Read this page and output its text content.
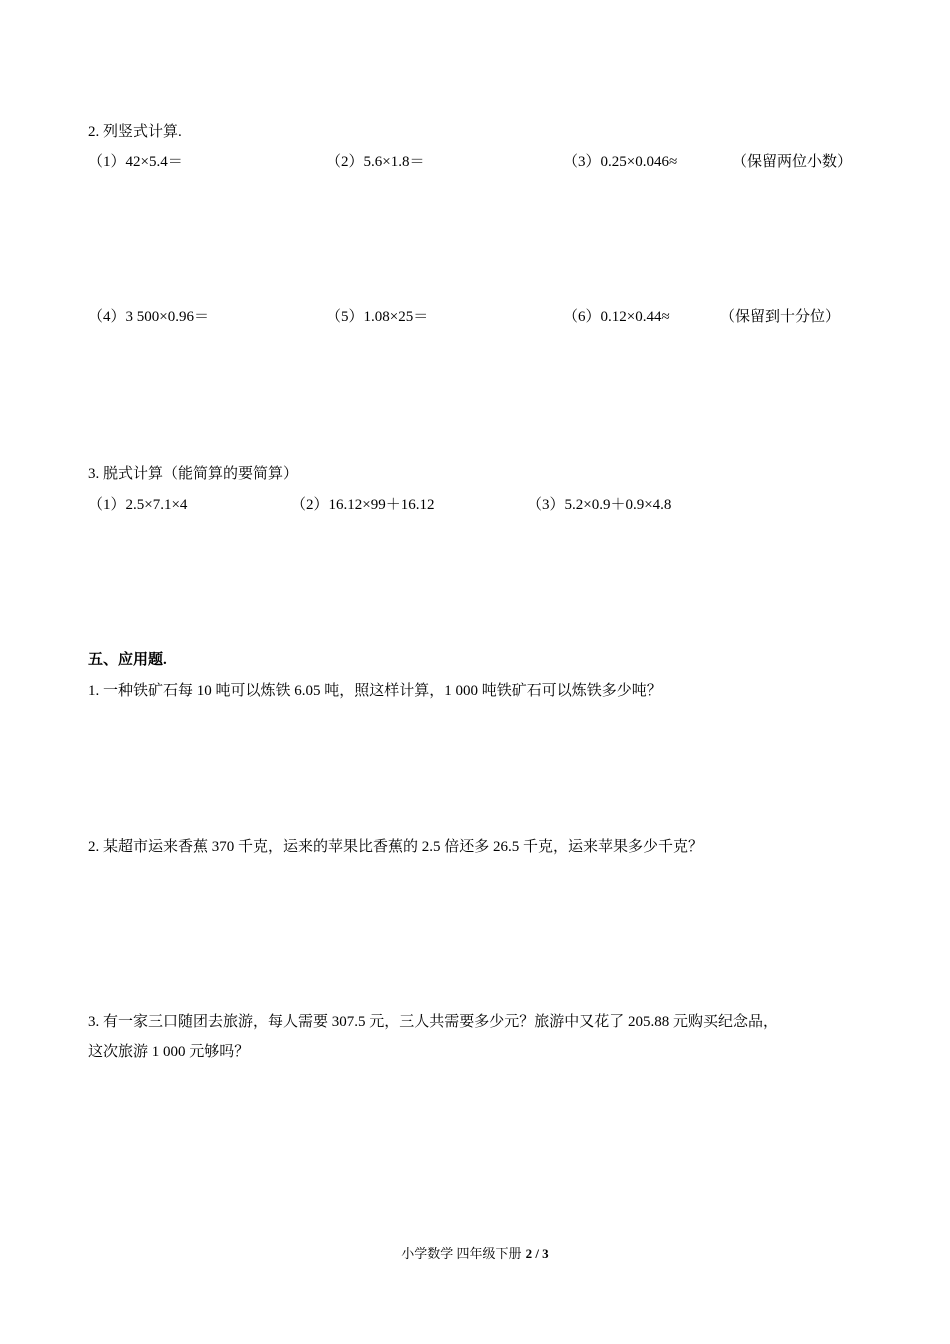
2. 列竖式计算.
（1）42×5.4＝	（2）5.6×1.8＝	（3）0.25×0.046≈	（保留两位小数）
（4）3 500×0.96＝	（5）1.08×25＝	（6）0.12×0.44≈	（保留到十分位）
3. 脱式计算（能简算的要简算）
（1）2.5×7.1×4	（2）16.12×99＋16.12	（3）5.2×0.9＋0.9×4.8
五、应用题.
1. 一种铁矿石每 10 吨可以炼铁 6.05 吨，照这样计算，1 000 吨铁矿石可以炼铁多少吨？
2. 某超市运来香蕉 370 千克，运来的苹果比香蕉的 2.5 倍还多 26.5 千克，运来苹果多少千克？
3. 有一家三口随团去旅游，每人需要 307.5 元，三人共需要多少元？旅游中又花了 205.88 元购买纪念品，
这次旅游 1 000 元够吗？
小学数学 四年级下册 2 / 3
